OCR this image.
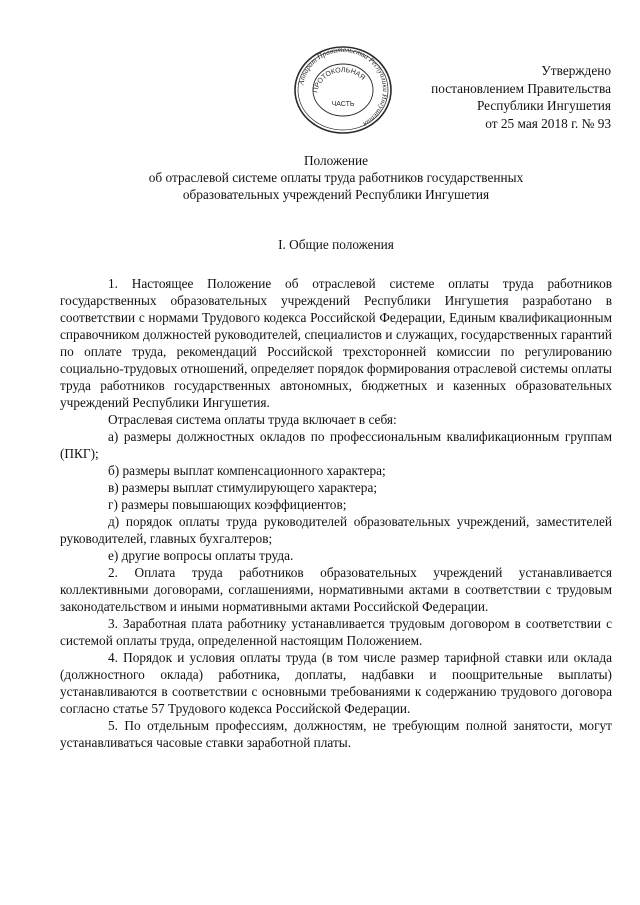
Аппарат Правительства Республики Ингушетия
ПРОТОКОЛЬНАЯ
ЧАСТЬ
Утверждено
постановлением Правительства
Республики Ингушетия
от 25 мая 2018 г. № 93
Положение
об отраслевой системе оплаты труда работников государственных
образовательных учреждений Республики Ингушетия
I. Общие положения

1. Настоящее Положение об отраслевой системе оплаты труда работников государственных образовательных учреждений Республики Ингушетия разработано в соответствии с нормами Трудового кодекса Российской Федерации, Единым квалификационным справочником должностей руководителей, специалистов и служащих, государственных гарантий по оплате труда, рекомендаций Российской трехсторонней комиссии по регулированию социально-трудовых отношений, определяет порядок формирования отраслевой системы оплаты труда работников государственных автономных, бюджетных и казенных образовательных учреждений Республики Ингушетия.

Отраслевая система оплаты труда включает в себя:

а) размеры должностных окладов по профессиональным квалификационным группам (ПКГ);

б) размеры выплат компенсационного характера;

в) размеры выплат стимулирующего характера;

г) размеры повышающих коэффициентов;

д) порядок оплаты труда руководителей образовательных учреждений, заместителей руководителей, главных бухгалтеров;

е) другие вопросы оплаты труда.

2. Оплата труда работников образовательных учреждений устанавливается коллективными договорами, соглашениями, нормативными актами в соответствии с трудовым законодательством и иными нормативными актами Российской Федерации.

3. Заработная плата работнику устанавливается трудовым договором в соответствии с системой оплаты труда, определенной настоящим Положением.

4. Порядок и условия оплаты труда (в том числе размер тарифной ставки или оклада (должностного оклада) работника, доплаты, надбавки и поощрительные выплаты) устанавливаются в соответствии с основными требованиями к содержанию трудового договора согласно статье 57 Трудового кодекса Российской Федерации.

5. По отдельным профессиям, должностям, не требующим полной занятости, могут устанавливаться часовые ставки заработной платы.
